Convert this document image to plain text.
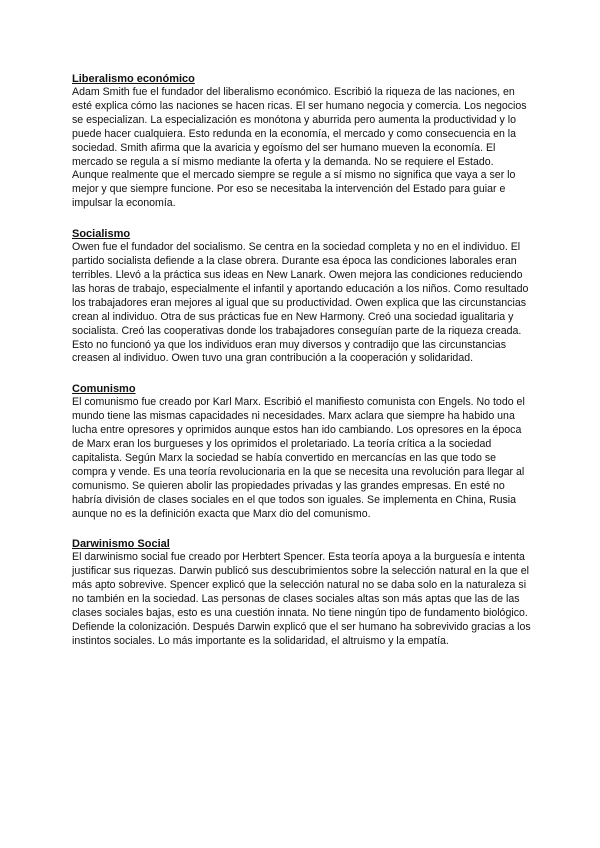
Liberalismo económico

Adam Smith fue el fundador del liberalismo económico. Escribió la riqueza de las naciones, en esté explica cómo las naciones se hacen ricas. El ser humano negocia y comercia. Los negocios se especializan. La especialización es monótona y aburrida pero aumenta la productividad y lo puede hacer cualquiera. Esto redunda en la economía, el mercado y como consecuencia en la sociedad. Smith afirma que la avaricia y egoísmo del ser humano mueven la economía. El mercado se regula a sí mismo mediante la oferta y la demanda. No se requiere el Estado. Aunque realmente que el mercado siempre se regule a sí mismo no significa que vaya a ser lo mejor y que siempre funcione. Por eso se necesitaba la intervención del Estado para guiar e impulsar la economía.

Socialismo

Owen fue el fundador del socialismo. Se centra en la sociedad completa y no en el individuo. El partido socialista defiende a la clase obrera. Durante esa época las condiciones laborales eran terribles. Llevó a la práctica sus ideas en New Lanark. Owen mejora las condiciones reduciendo las horas de trabajo, especialmente el infantil y aportando educación a los niños. Como resultado los trabajadores eran mejores al igual que su productividad. Owen explica que las circunstancias crean al individuo. Otra de sus prácticas fue en New Harmony. Creó una sociedad igualitaria y socialista. Creó las cooperativas donde los trabajadores conseguían parte de la riqueza creada. Esto no funcionó ya que los individuos eran muy diversos y contradijo que las circunstancias creasen al individuo. Owen tuvo una gran contribución a la cooperación y solidaridad.

Comunismo

El comunismo fue creado por Karl Marx. Escribió el manifiesto comunista con Engels. No todo el mundo tiene las mismas capacidades ni necesidades. Marx aclara que siempre ha habido una lucha entre opresores y oprimidos aunque estos han ido cambiando. Los opresores en la época de Marx eran los burgueses y los oprimidos el proletariado. La teoría crítica a la sociedad capitalista. Según Marx la sociedad se había convertido en mercancías en las que todo se compra y vende. Es una teoría revolucionaria en la que se necesita una revolución para llegar al comunismo. Se quieren abolir las propiedades privadas y las grandes empresas. En esté no habría división de clases sociales en el que todos son iguales. Se implementa en China, Rusia aunque no es la definición exacta que Marx dio del comunismo.

Darwinismo Social

El darwinismo social fue creado por Herbtert Spencer. Esta teoría apoya a la burguesía e intenta justificar sus riquezas. Darwin publicó sus descubrimientos sobre la selección natural en la que el más apto sobrevive. Spencer explicó que la selección natural no se daba solo en la naturaleza si no también en la sociedad. Las personas de clases sociales altas son más aptas que las de las clases sociales bajas, esto es una cuestión innata. No tiene ningún tipo de fundamento biológico. Defiende la colonización. Después Darwin explicó que el ser humano ha sobrevivido gracias a los instintos sociales. Lo más importante es la solidaridad, el altruismo y la empatía.
